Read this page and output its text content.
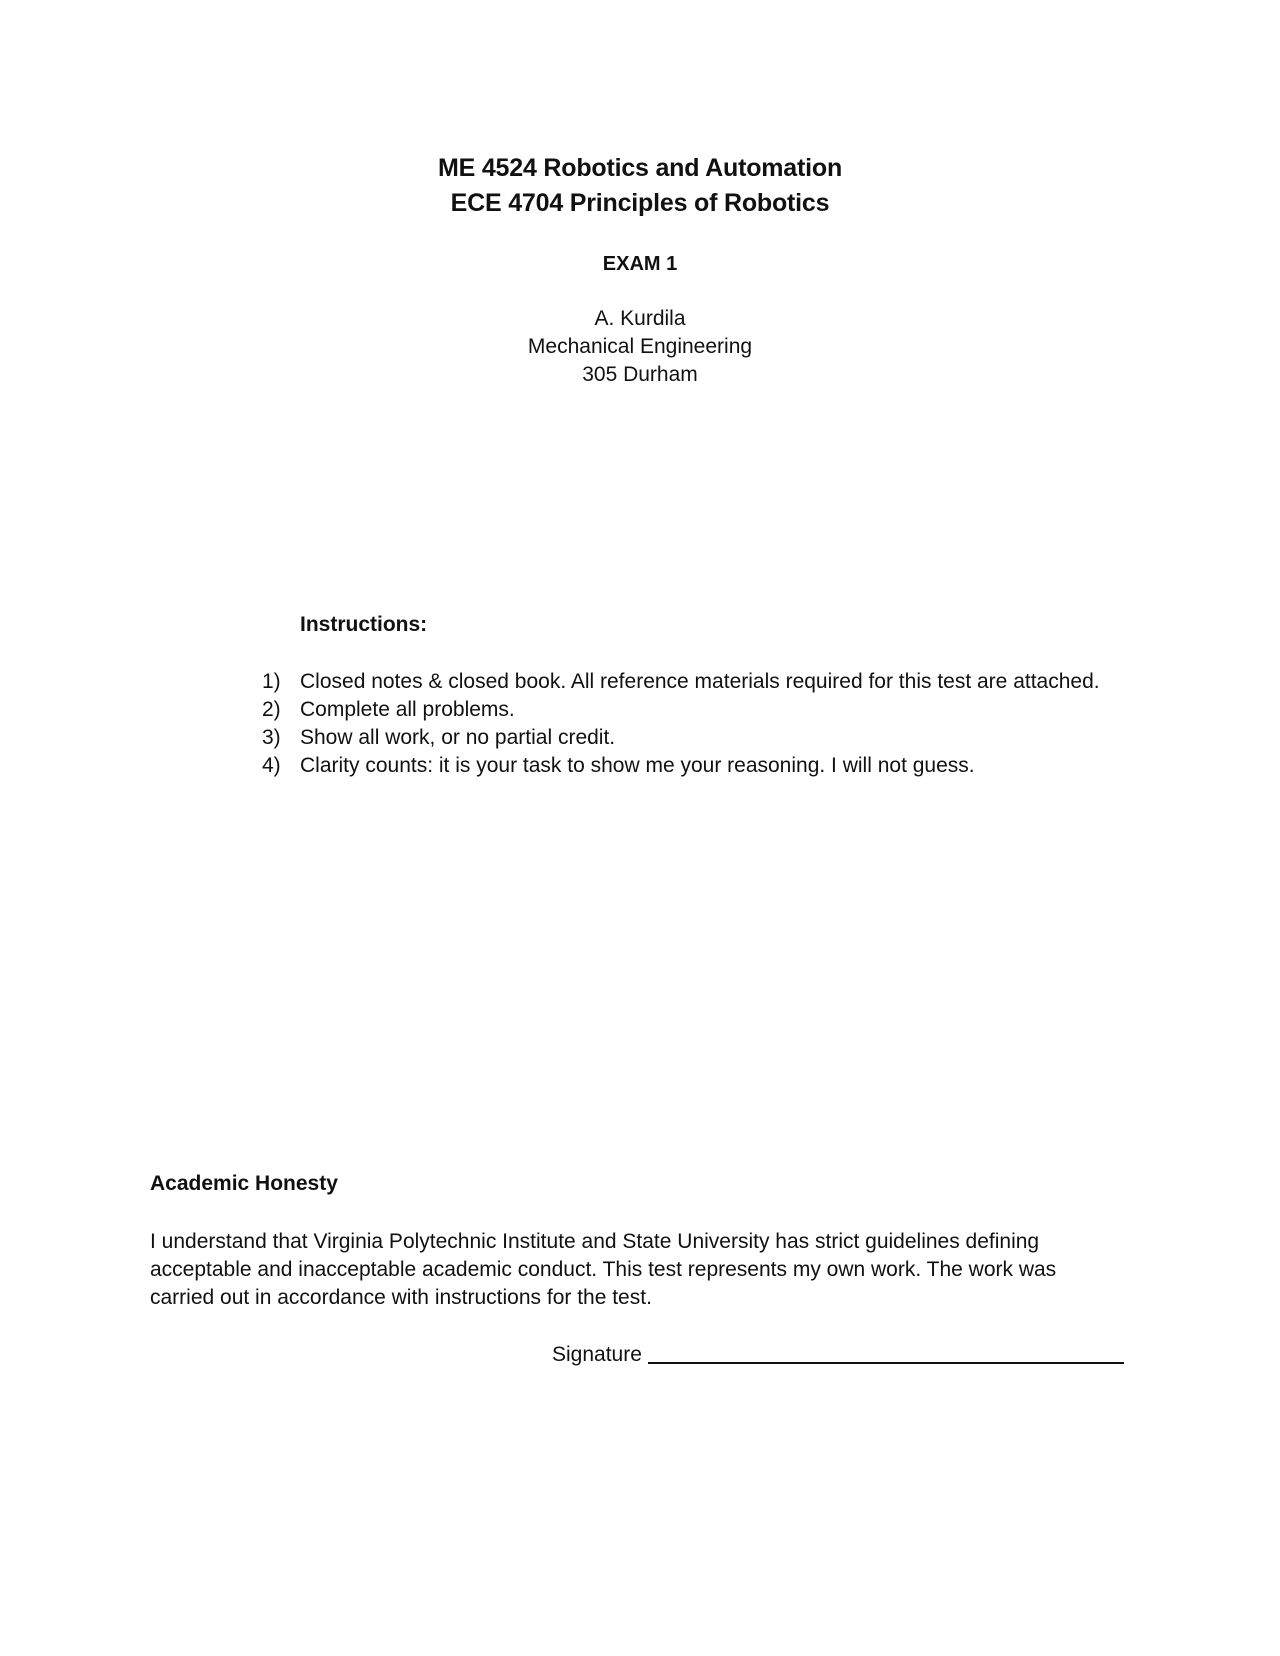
ME 4524 Robotics and Automation
ECE 4704 Principles of Robotics
EXAM 1
A. Kurdila
Mechanical Engineering
305 Durham
Instructions:
1) Closed notes & closed book. All reference materials required for this test are attached.
2) Complete all problems.
3) Show all work, or no partial credit.
4) Clarity counts: it is your task to show me your reasoning. I will not guess.
Academic Honesty
I understand that Virginia Polytechnic Institute and State University has strict guidelines defining
acceptable and inacceptable academic conduct. This test represents my own work. The work was
carried out in accordance with instructions for the test.
Signature
